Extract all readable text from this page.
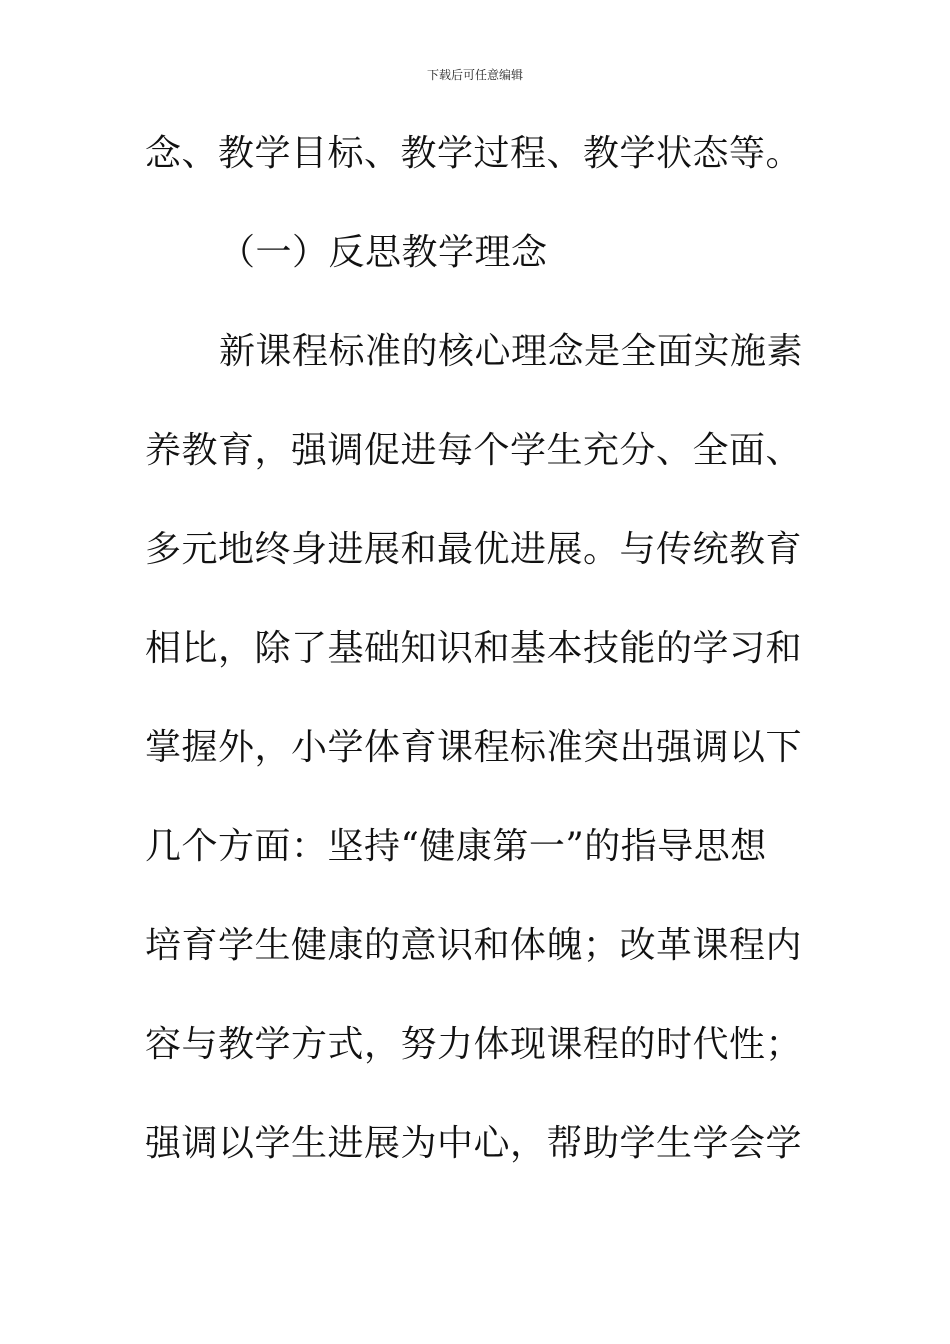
下载后可任意编辑
念、教学目标、教学过程、教学状态等。
（一）反思教学理念
新课程标准的核心理念是全面实施素
养教育，强调促进每个学生充分、全面、
多元地终身进展和最优进展。与传统教育
相比，除了基础知识和基本技能的学习和
掌握外，小学体育课程标准突出强调以下
几个方面：坚持“健康第一”的指导思想
培育学生健康的意识和体魄；改革课程内
容与教学方式，努力体现课程的时代性；
强调以学生进展为中心，帮助学生学会学
